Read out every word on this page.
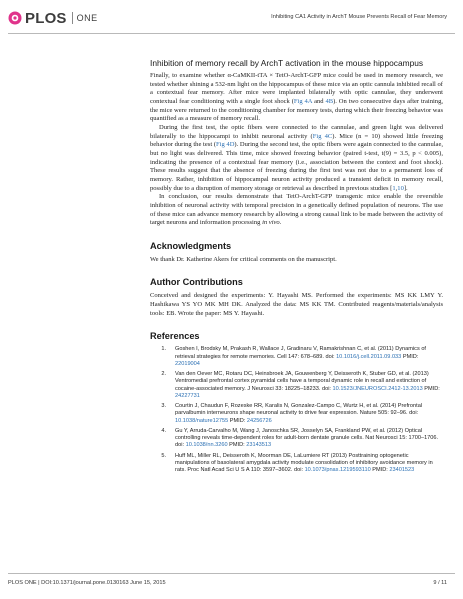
PLOS ONE	Inhibiting CA1 Activity in ArchT Mouse Prevents Recall of Fear Memory
Inhibition of memory recall by ArchT activation in the mouse hippocampus

Finally, to examine whether α-CaMKII-tTA × TetO-ArchT-GFP mice could be used in memory research, we tested whether shining a 532-nm light on the hippocampus of these mice via an optic cannula inhibited recall of a contextual fear memory. After mice were implanted bilaterally with optic cannulae, they underwent contextual fear conditioning with a single foot shock (Fig 4A and 4B). On two consecutive days after training, the mice were returned to the conditioning chamber for memory tests, during which their freezing behavior was quantified as a measure of memory recall.

During the first test, the optic fibers were connected to the cannulae, and green light was delivered bilaterally to the hippocampi to inhibit neuronal activity (Fig 4C). Mice (n = 10) showed little freezing behavior during the test (Fig 4D). During the second test, the optic fibers were again connected to the cannulae, but no light was delivered. This time, mice showed freezing behavior (paired t-test, t(9) = 3.5, p < 0.005), indicating the presence of a contextual fear memory (i.e., association between the context and foot shock). These results suggest that the absence of freezing during the first test was not due to a permanent loss of memory. Rather, inhibition of hippocampal neuron activity produced a transient deficit in memory recall, possibly due to a disruption of memory storage or retrieval as described in previous studies [1,10].

In conclusion, our results demonstrate that TetO-ArchT-GFP transgenic mice enable the reversible inhibition of neuronal activity with temporal precision in a genetically defined population of neurons. The use of these mice can advance memory research by allowing a strong causal link to be made between the activity of target neurons and information processing in vivo.

Acknowledgments

We thank Dr. Katherine Akers for critical comments on the manuscript.

Author Contributions

Conceived and designed the experiments: Y. Hayashi MS. Performed the experiments: MS KK LMY Y. Hashikawa YS YO MK MH DK. Analyzed the data: MS KK TM. Contributed reagents/materials/analysis tools: EB. Wrote the paper: MS Y. Hayashi.

References
1. Goshen I, Brodsky M, Prakash R, Wallace J, Gradinaru V, Ramakrishnan C, et al. (2011) Dynamics of retrieval strategies for remote memories. Cell 147: 678–689. doi: 10.1016/j.cell.2011.09.033 PMID: 22019004
2. Van den Oever MC, Rotaru DC, Heinsbroek JA, Gouwenberg Y, Deisseroth K, Stuber GD, et al. (2013) Ventromedial prefrontal cortex pyramidal cells have a temporal dynamic role in recall and extinction of cocaine-associated memory. J Neurosci 33: 18225–18233. doi: 10.1523/JNEUROSCI.2412-13.2013 PMID: 24227731
3. Courtin J, Chaudun F, Rozeske RR, Karalis N, Gonzalez-Campo C, Wurtz H, et al. (2014) Prefrontal parvalbumin interneurons shape neuronal activity to drive fear expression. Nature 505: 92–96. doi: 10.1038/nature12755 PMID: 24256726
4. Gu Y, Arruda-Carvalho M, Wang J, Janoschka SR, Josselyn SA, Frankland PW, et al. (2012) Optical controlling reveals time-dependent roles for adult-born dentate granule cells. Nat Neurosci 15: 1700–1706. doi: 10.1038/nn.3260 PMID: 23143513
5. Huff ML, Miller RL, Deisseroth K, Moorman DE, LaLumiere RT (2013) Posttraining optogenetic manipulations of basolateral amygdala activity modulate consolidation of inhibitory avoidance memory in rats. Proc Natl Acad Sci U S A 110: 3597–3602. doi: 10.1073/pnas.1219593110 PMID: 23401523
PLOS ONE | DOI:10.1371/journal.pone.0130163 June 15, 2015	9 / 11
